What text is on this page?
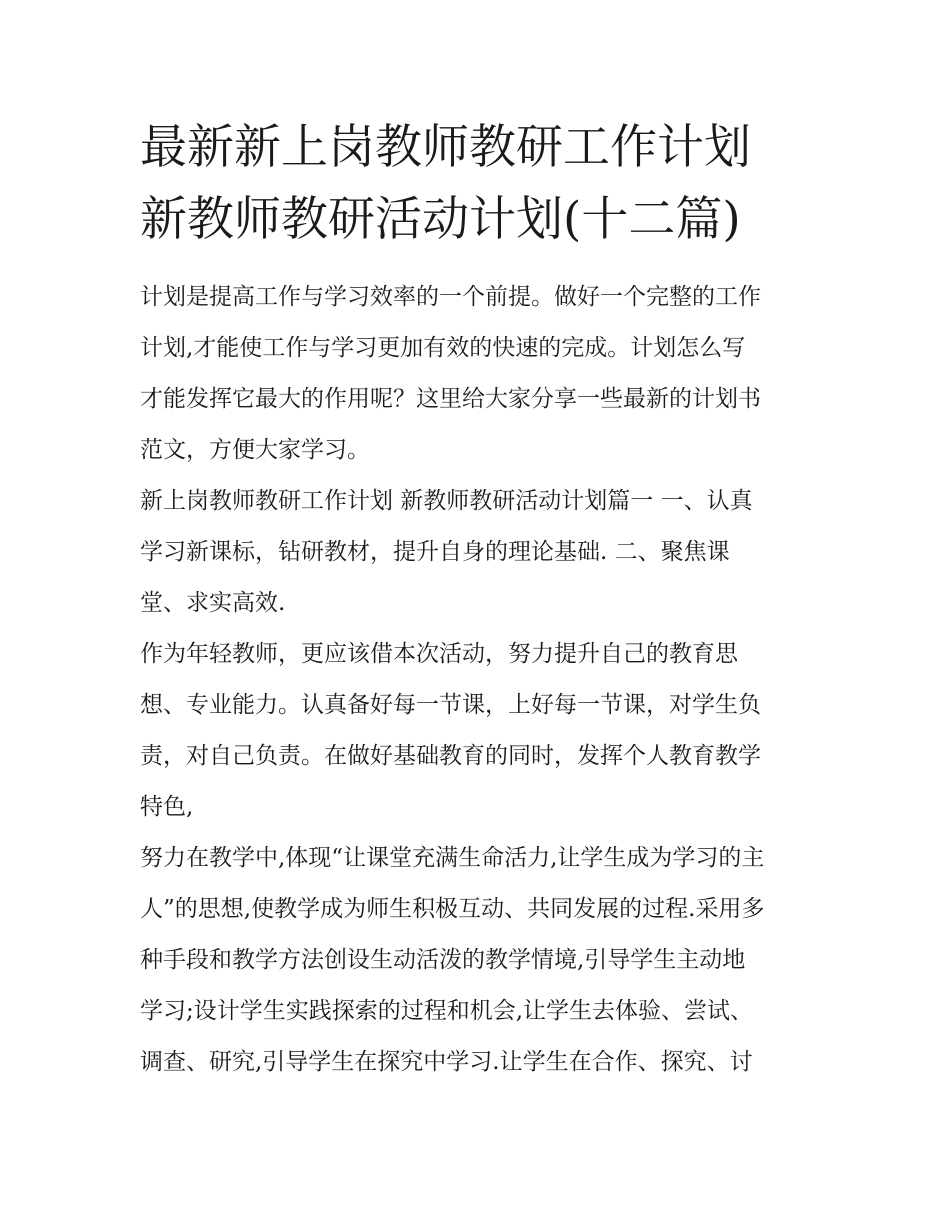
最新新上岗教师教研工作计划
新教师教研活动计划(十二篇)

计划是提高工作与学习效率的一个前提。做好一个完整的工作
计划,才能使工作与学习更加有效的快速的完成。计划怎么写
才能发挥它最大的作用呢？这里给大家分享一些最新的计划书
范文，方便大家学习。

新上岗教师教研工作计划 新教师教研活动计划篇一 一、认真
学习新课标，钻研教材，提升自身的理论基础. 二、聚焦课
堂、求实高效.

作为年轻教师，更应该借本次活动，努力提升自己的教育思
想、专业能力。认真备好每一节课，上好每一节课，对学生负
责，对自己负责。在做好基础教育的同时，发挥个人教育教学
特色,

努力在教学中,体现“让课堂充满生命活力,让学生成为学习的主
人”的思想,使教学成为师生积极互动、共同发展的过程.采用多
种手段和教学方法创设生动活泼的教学情境,引导学生主动地
学习;设计学生实践探索的过程和机会,让学生去体验、尝试、
调查、研究,引导学生在探究中学习.让学生在合作、探究、讨
